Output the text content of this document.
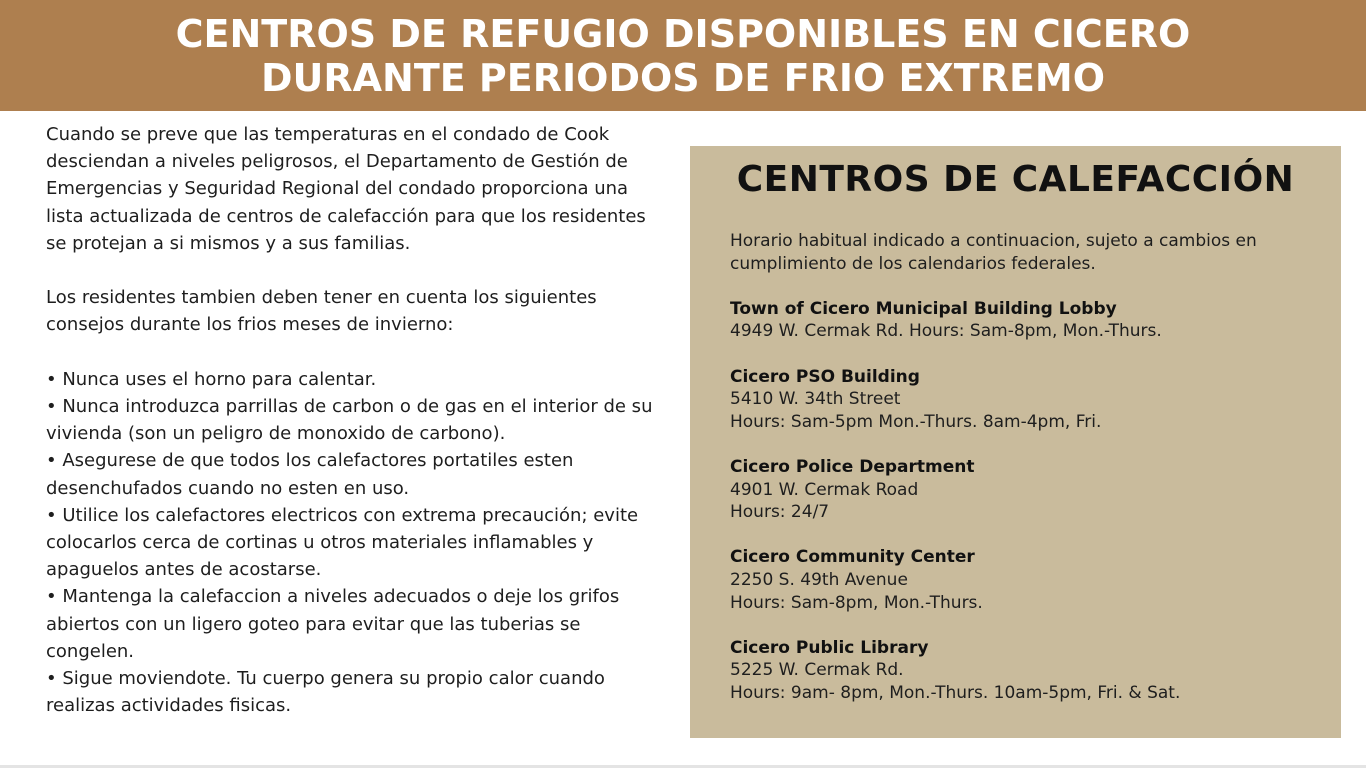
CENTROS DE REFUGIO DISPONIBLES EN CICERO
DURANTE PERIODOS DE FRIO EXTREMO

Cuando se preve que las temperaturas en el condado de Cook desciendan a niveles peligrosos, el Departamento de Gestión de Emergencias y Seguridad Regional del condado proporciona una lista actualizada de centros de calefacción para que los residentes se protejan a si mismos y a sus familias.

Los residentes tambien deben tener en cuenta los siguientes consejos durante los frios meses de invierno:

• Nunca uses el horno para calentar.

• Nunca introduzca parrillas de carbon o de gas en el interior de su vivienda (son un peligro de monoxido de carbono).

• Asegurese de que todos los calefactores portatiles esten desenchufados cuando no esten en uso.

• Utilice los calefactores electricos con extrema precaución; evite colocarlos cerca de cortinas u otros materiales inflamables y apaguelos antes de acostarse.

• Mantenga la calefaccion a niveles adecuados o deje los grifos abiertos con un ligero goteo para evitar que las tuberias se congelen.

• Sigue moviendote. Tu cuerpo genera su propio calor cuando realizas actividades fisicas.

Horario habitual indicado a continuacion, sujeto a cambios en cumplimiento de los calendarios federales.

Town of Cicero Municipal Building Lobby
4949 W. Cermak Rd. Hours: Sam-8pm, Mon.-Thurs.
Cicero PSO Building
5410 W. 34th Street
Hours: Sam-5pm Mon.-Thurs. 8am-4pm, Fri.
Cicero Police Department
4901 W. Cermak Road
Hours: 24/7
Cicero Community Center
2250 S. 49th Avenue
Hours: Sam-8pm, Mon.-Thurs.
Cicero Public Library
5225 W. Cermak Rd.
Hours: 9am- 8pm, Mon.-Thurs. 10am-5pm, Fri. & Sat.
CENTROS DE CALEFACCIÓN
